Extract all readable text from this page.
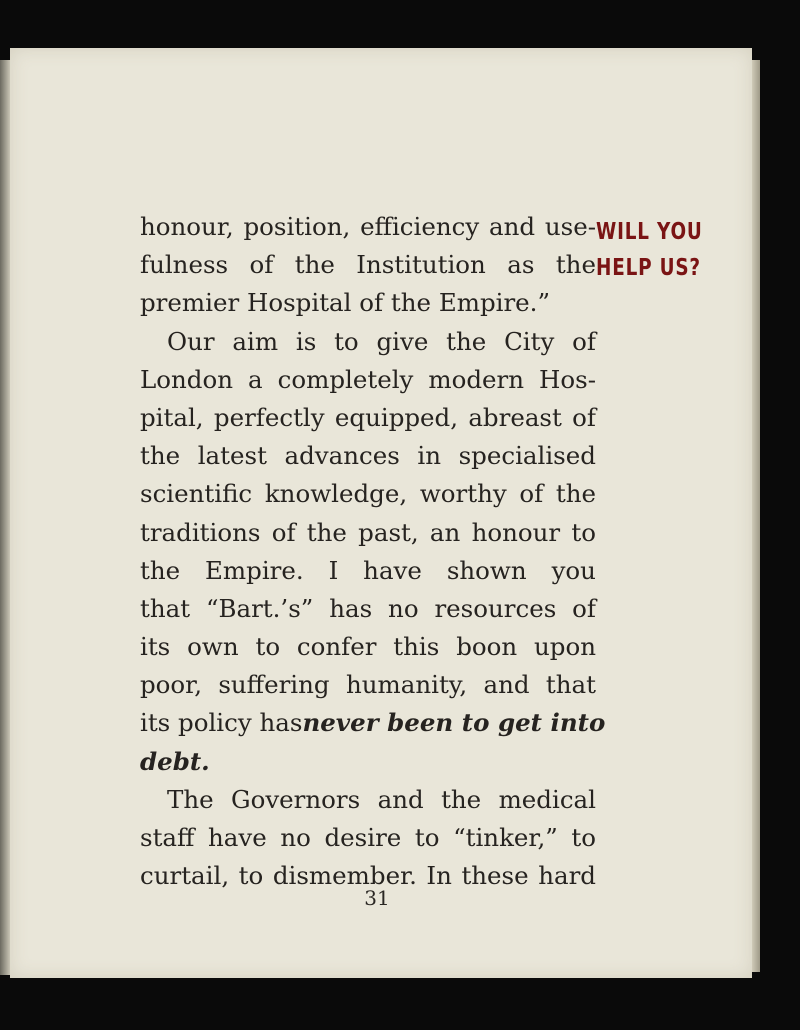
honour, position, efficiency and use-
fulness of the Institution as the
premier
Hospital
of
the
Empire.”
Our aim is to give the City of
London a completely modern Hos-
pital, perfectly equipped, abreast of
the latest advances in specialised
scientific knowledge, worthy of the
traditions of the past, an honour to
the Empire. I have shown you
that “Bart.’s” has no resources of
its own to confer this boon upon
poor, suffering humanity, and that
its policy has never been to get into
debt.
The Governors and the medical
staff have no desire to “tinker,” to
curtail, to dismember. In these hard
WILL YOU
HELP US?
31
